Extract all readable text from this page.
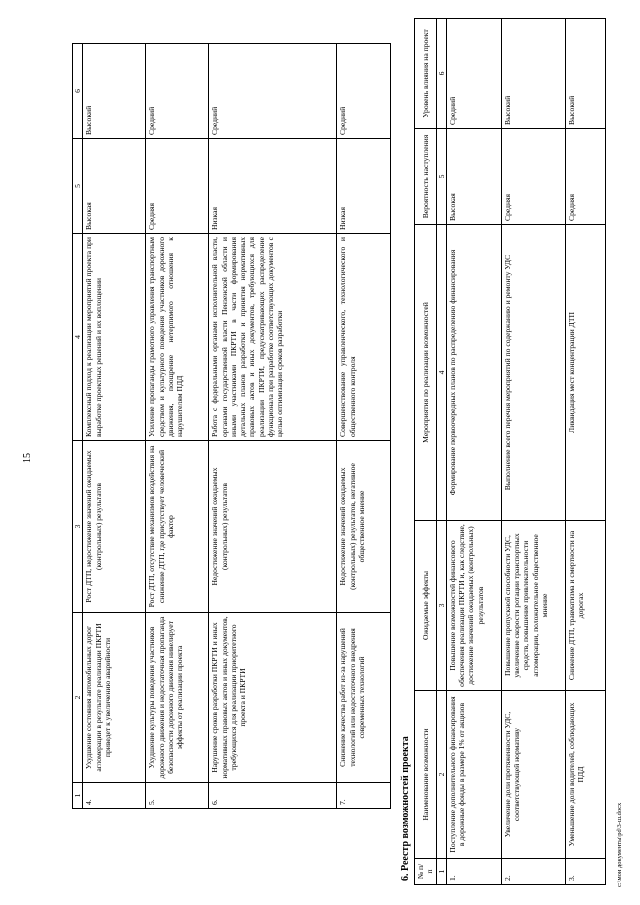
15
1	2	3	4	5	6
4.	Ухудшение состояния автомобильных дорог агломерации в результате реализации ПКРТИ приведет к увеличению аварийности	Рост ДТП, недостижение значений ожидаемых (контрольных) результатов	Комплексный подход к реализации мероприятий проекта при выработке проектных решений и их воплощении	Высокая	Высокий
5.	Ухудшение культуры поведения участников дорожного движения и недостаточная пропаганда безопасности дорожного движения нивелирует эффекты от реализации проекта	Рост ДТП, отсутствие механизмов воздействия на снижение ДТП, где присутствует человеческий фактор	Усиление пропаганды грамотного управления транспортным средством и культурного поведения участников дорожного движения, поощрение нетерпимого отношения к нарушителям ПДД	Средняя	Средний
6.	Нарушение сроков разработки ПКРТИ и иных нормативных правовых актов и иных документов, требующихся для реализации приоритетного проекта и ПКРТИ	Недостижение значений ожидаемых (контрольных) результатов	Работа с федеральными органами исполнительной власти, органами государственной власти Пензенской области и иными участниками ПКРТИ в части формирования детальных планов разработки и принятия нормативных правовых актов и иных документов, требующихся для реализации ПКРТИ, предусматривающих распределение функционала при разработке соответствующих документов с целью оптимизации сроков разработки	Низкая	Средний
7.	Снижение качества работ из-за нарушений технологий или недостаточного внедрения современных технологий	Недостижение значений ожидаемых (контрольных) результатов, негативное общественное мнение	Совершенствование управленческого, технологического и общественного контроля	Низкая	Средний
6. Реестр возможностей проекта № п/п	Наименование возможности	Ожидаемые эффекты	Мероприятия по реализации возможностей	Вероятность наступления	Уровень влияния на проект
1	2	3	4	5	6
1.	Поступление дополнительного финансирования в дорожные фонды в размере 1% от акцизов	Повышение возможностей финансового обеспечения реализации ПКРТИ и, как следствие, достижение значений ожидаемых (контрольных) результатов	Формирование первоочередных планов по распределению финансирования	Высокая	Средний
2.	Увеличение доли протяженности УДС, соответствующей нормативу	Повышение пропускной способности УДС, увеличение скорости ротации транспортных средств, повышение привлекательности агломерации, положительное общественное мнение	Выполнение всего перечня мероприятий по содержанию и ремонту УДС	Средняя	Высокий
3.	Уменьшение доли водителей, соблюдающих ПДД	Снижение ДТП, травматизма и смертности на дорогах	Ликвидация мест концентрации ДТП	Средняя	Высокий
c:\мои документы\pd\3-ш.docx
